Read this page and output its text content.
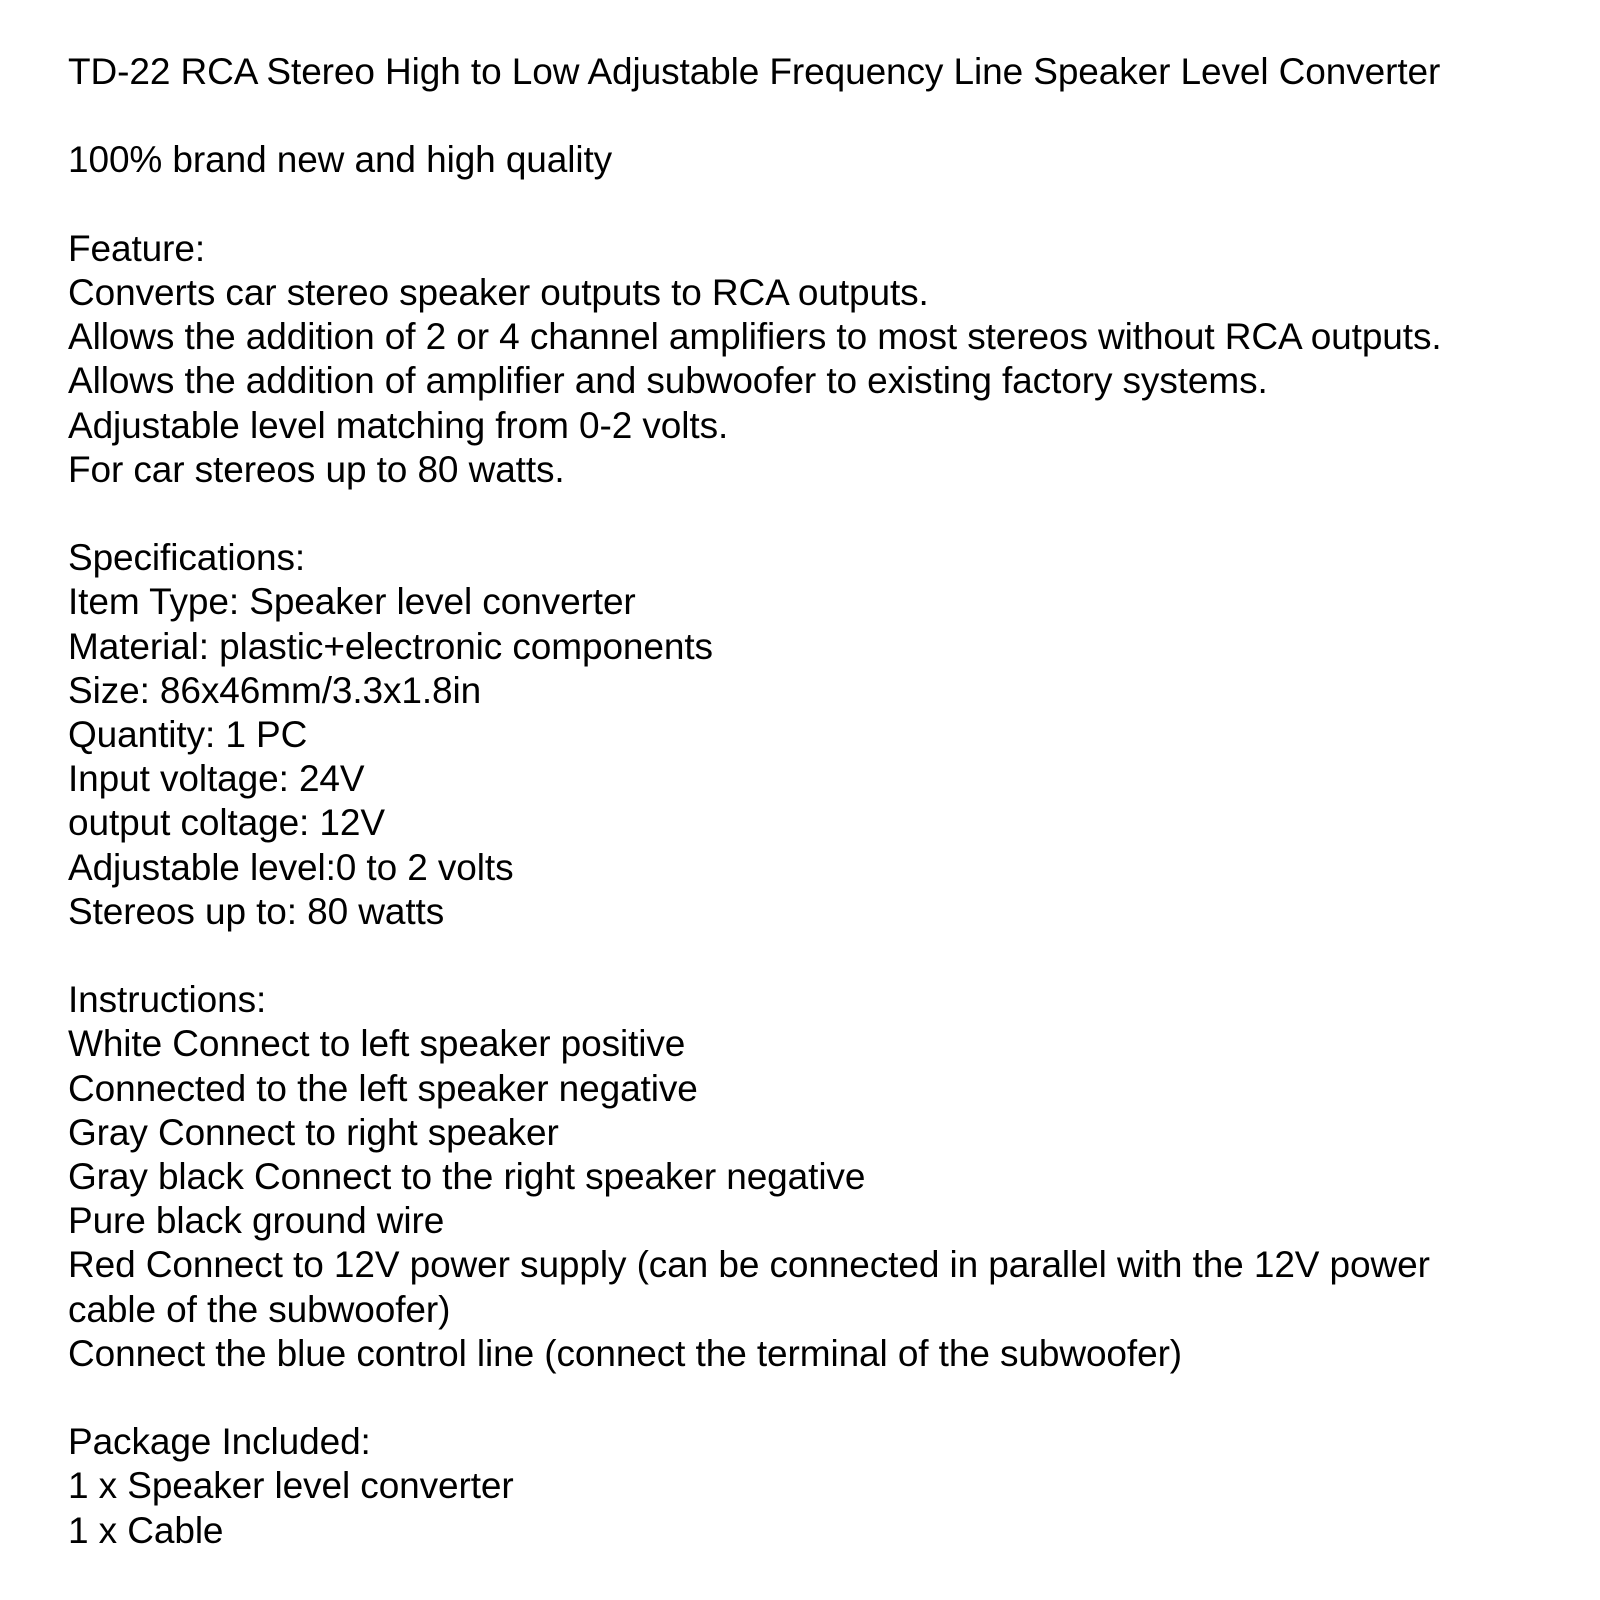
TD-22 RCA Stereo High to Low Adjustable Frequency Line Speaker Level Converter
100% brand new and high quality
Feature:
Converts car stereo speaker outputs to RCA outputs.
Allows the addition of 2 or 4 channel amplifiers to most stereos without RCA outputs.
Allows the addition of amplifier and subwoofer to existing factory systems.
Adjustable level matching from 0-2 volts.
For car stereos up to 80 watts.
Specifications:
Item Type: Speaker level converter
Material: plastic+electronic components
Size: 86x46mm/3.3x1.8in
Quantity: 1 PC
Input voltage: 24V
output coltage: 12V
Adjustable level:0 to 2 volts
Stereos up to: 80 watts
Instructions:
White Connect to left speaker positive
Connected to the left speaker negative
Gray Connect to right speaker
Gray black Connect to the right speaker negative
Pure black ground wire
Red Connect to 12V power supply (can be connected in parallel with the 12V power
cable of the subwoofer)
Connect the blue control line (connect the terminal of the subwoofer)
Package Included:
1 x Speaker level converter
1 x Cable
